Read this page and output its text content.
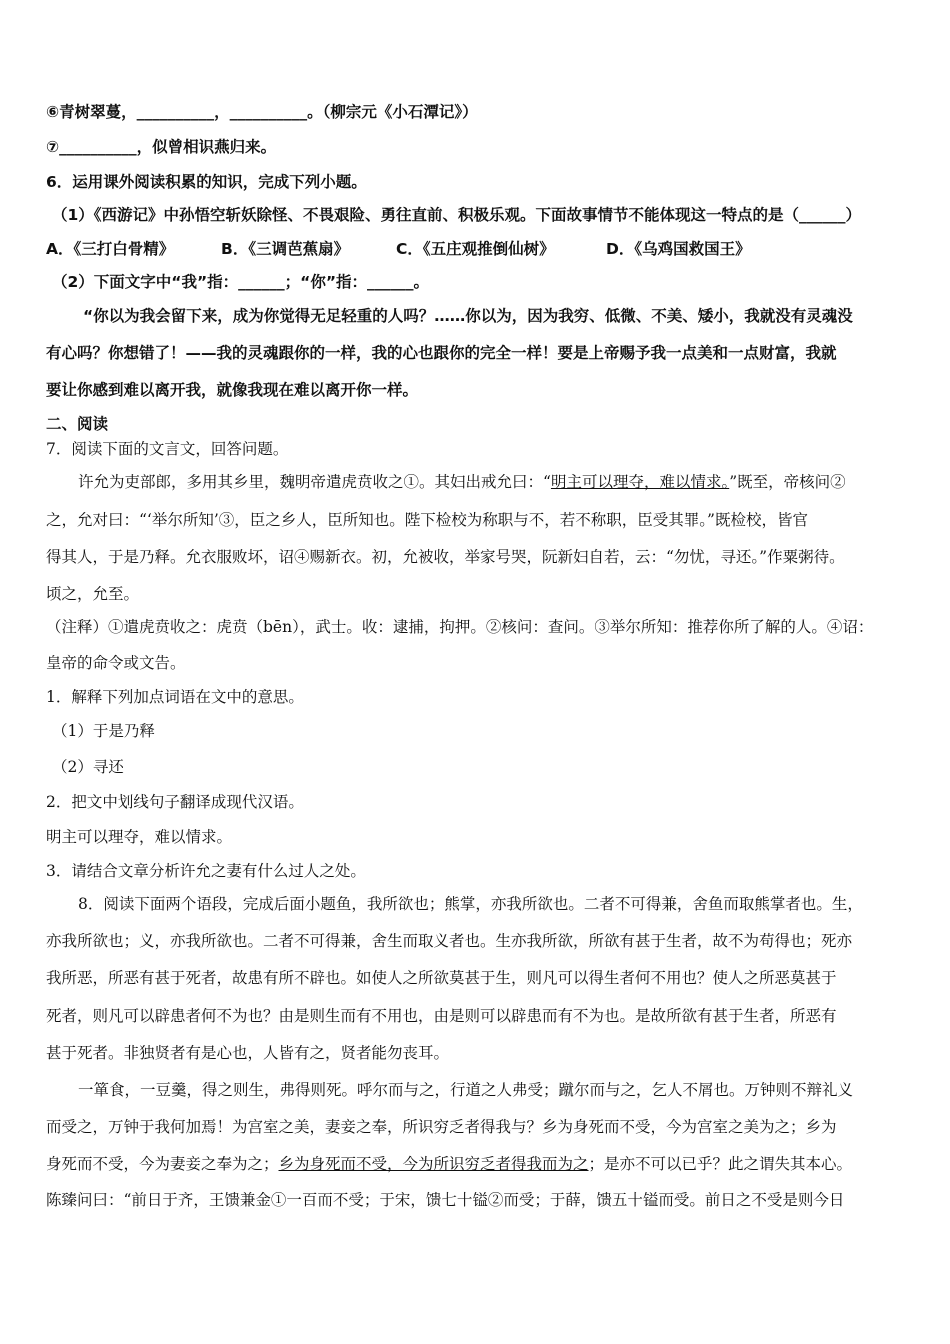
⑥青树翠蔓，__________，__________。（柳宗元《小石潭记》）
⑦__________，似曾相识燕归来。
6．运用课外阅读积累的知识，完成下列小题。
（1）《西游记》中孙悟空斩妖除怪、不畏艰险、勇往直前、积极乐观。下面故事情节不能体现这一特点的是（______）
A．《三打白骨精》	B．《三调芭蕉扇》	C．《五庄观推倒仙树》	D．《乌鸡国救国王》
（2）下面文字中“我”指：______；“你”指：______。
“你以为我会留下来，成为你觉得无足轻重的人吗？……你以为，因为我穷、低微、不美、矮小，我就没有灵魂没
有心吗？你想错了！——我的灵魂跟你的一样，我的心也跟你的完全一样！要是上帝赐予我一点美和一点财富，我就
要让你感到难以离开我，就像我现在难以离开你一样。
二、阅读
7．阅读下面的文言文，回答问题。
许允为吏部郎，多用其乡里，魏明帝遣虎贲收之①。其妇出戒允曰：“明主可以理夺，难以情求。”既至，帝核问②
之，允对曰：“‘举尔所知’③，臣之乡人，臣所知也。陛下检校为称职与不，若不称职，臣受其罪。”既检校，皆官
得其人，于是乃释。允衣服败坏，诏④赐新衣。初，允被收，举家号哭，阮新妇自若，云：“勿忧，寻还。”作粟粥待。
顷之，允至。
（注释）①遣虎贲收之：虎贲（bēn），武士。收：逮捕，拘押。②核问：查问。③举尔所知：推荐你所了解的人。④诏：
皇帝的命令或文告。
1．解释下列加点词语在文中的意思。
（1）于是乃释
（2）寻还
2．把文中划线句子翻译成现代汉语。
明主可以理夺，难以情求。
3．请结合文章分析许允之妻有什么过人之处。
8．阅读下面两个语段，完成后面小题鱼，我所欲也；熊掌，亦我所欲也。二者不可得兼，舍鱼而取熊掌者也。生，
亦我所欲也；义，亦我所欲也。二者不可得兼，舍生而取义者也。生亦我所欲，所欲有甚于生者，故不为苟得也；死亦
我所恶，所恶有甚于死者，故患有所不辟也。如使人之所欲莫甚于生，则凡可以得生者何不用也？使人之所恶莫甚于
死者，则凡可以辟患者何不为也？由是则生而有不用也，由是则可以辟患而有不为也。是故所欲有甚于生者，所恶有
甚于死者。非独贤者有是心也，人皆有之，贤者能勿丧耳。
一箪食，一豆羹，得之则生，弗得则死。呼尔而与之，行道之人弗受；蹴尔而与之，乞人不屑也。万钟则不辩礼义
而受之，万钟于我何加焉！为宫室之美，妻妾之奉，所识穷乏者得我与？乡为身死而不受，今为宫室之美为之；乡为
身死而不受，今为妻妾之奉为之；乡为身死而不受，今为所识穷乏者得我而为之；是亦不可以已乎？此之谓失其本心。
陈臻问曰：“前日于齐，王馈兼金①一百而不受；于宋，馈七十镒②而受；于薛，馈五十镒而受。前日之不受是则今日
